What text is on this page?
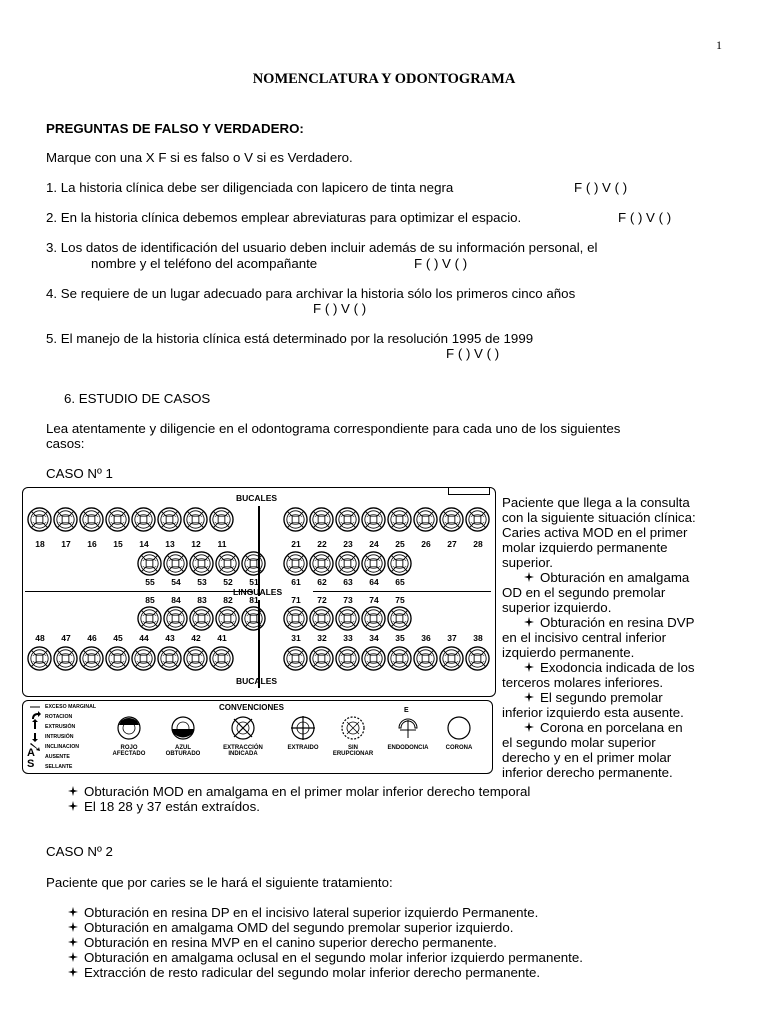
1
NOMENCLATURA Y ODONTOGRAMA
PREGUNTAS DE FALSO Y VERDADERO:
Marque con una X F si es falso o V si es Verdadero.
1. La historia clínica debe ser diligenciada con lapicero de tinta negra	F ( ) V ( )
2. En la historia clínica debemos emplear abreviaturas para optimizar el espacio.	F ( ) V ( )
3. Los datos de identificación del usuario deben incluir además de su información personal, el
nombre y el teléfono del acompañante	F ( ) V ( )
4. Se requiere de un lugar adecuado para archivar la historia sólo los primeros cinco años
F ( ) V ( )
5. El manejo de la historia clínica está determinado por la resolución 1995 de 1999
F ( ) V ( )
6. ESTUDIO DE CASOS
Lea atentamente y diligencie en el odontograma correspondiente para cada uno de los siguientes
casos:
CASO Nº 1
BUCALES
LINGUALES
BUCALES
18	17	16	15	14	13	12	11	21	22	23	24	25	26	27	28
55	54	53	52	51	61	62	63	64	65
85	84	83	82	81	71	72	73	74	75
48	47	46	45	44	43	42	41	31	32	33	34	35	36	37	38
CONVENCIONES
A
S
EXCESO MARGINAL
ROTACION
EXTRUSIÓN
INTRUSIÓN
INCLINACION
AUSENTE
SELLANTE
ROJO
AFECTADO
AZUL
OBTURADO
EXTRACCIÓN
INDICADA
EXTRAIDO	SIN
ERUPCIONAR
E
ENDODONCIA	CORONA
Paciente que llega a la consulta
con la siguiente situación clínica:
Caries activa MOD en el primer
molar izquierdo permanente
superior.
Obturación en amalgama
OD en el segundo premolar
superior izquierdo.
Obturación en resina DVP
en el incisivo central inferior
izquierdo permanente.
Exodoncia indicada de los
terceros molares inferiores.
El segundo premolar
inferior izquierdo esta ausente.
Corona en porcelana en
el segundo molar superior
derecho y en el primer molar
inferior derecho permanente.
Obturación MOD en amalgama en el primer molar inferior derecho temporal
El 18 28 y 37 están extraídos.
CASO Nº 2
Paciente que por caries se le hará el siguiente tratamiento:
Obturación en resina DP en el incisivo lateral superior izquierdo Permanente.
Obturación en amalgama OMD del segundo premolar superior izquierdo.
Obturación en resina MVP en el canino superior derecho permanente.
Obturación en amalgama oclusal en el segundo molar inferior izquierdo permanente.
Extracción de resto radicular del segundo molar inferior derecho permanente.
